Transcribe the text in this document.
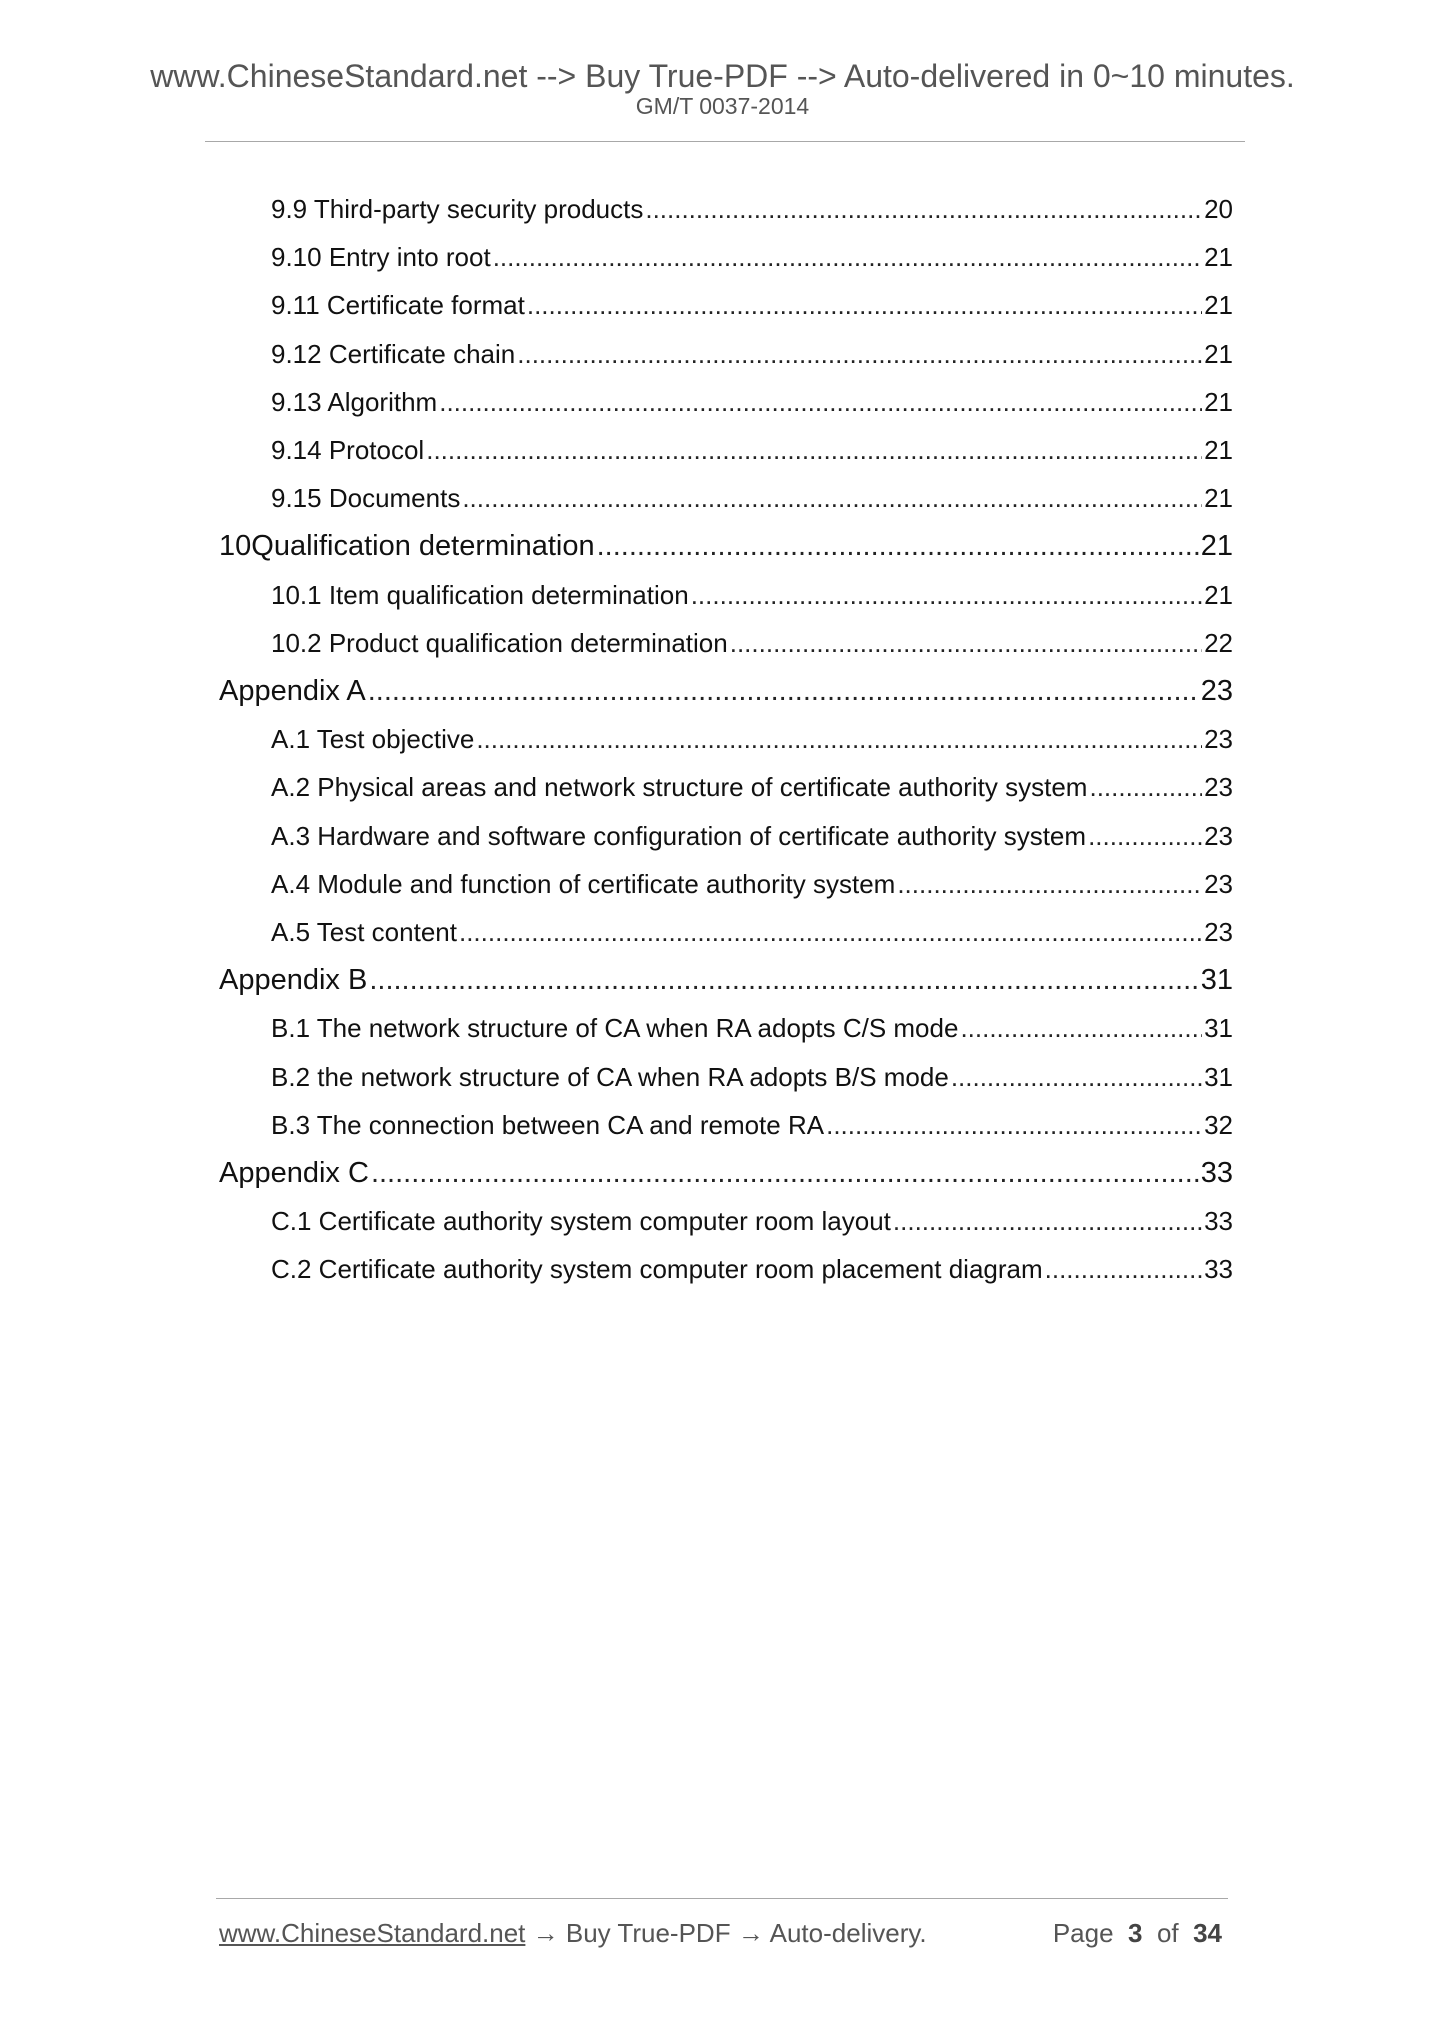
www.ChineseStandard.net --> Buy True-PDF --> Auto-delivered in 0~10 minutes.
GM/T 0037-2014
9.9 Third-party security products .....	20
9.10 Entry into root .....	21
9.11 Certificate format .....	21
9.12 Certificate chain .....	21
9.13 Algorithm .....	21
9.14 Protocol .....	21
9.15 Documents .....	21
10 Qualification determination .....	21
10.1 Item qualification determination .....	21
10.2 Product qualification determination .....	22
Appendix A .....	23
A.1 Test objective .....	23
A.2 Physical areas and network structure of certificate authority system .....	23
A.3 Hardware and software configuration of certificate authority system .....	23
A.4 Module and function of certificate authority system .....	23
A.5 Test content .....	23
Appendix B .....	31
B.1 The network structure of CA when RA adopts C/S mode .....	31
B.2 the network structure of CA when RA adopts B/S mode .....	31
B.3 The connection between CA and remote RA .....	32
Appendix C .....	33
C.1 Certificate authority system computer room layout .....	33
C.2 Certificate authority system computer room placement diagram .....	33
www.ChineseStandard.net → Buy True-PDF → Auto-delivery.	Page 3 of 34
